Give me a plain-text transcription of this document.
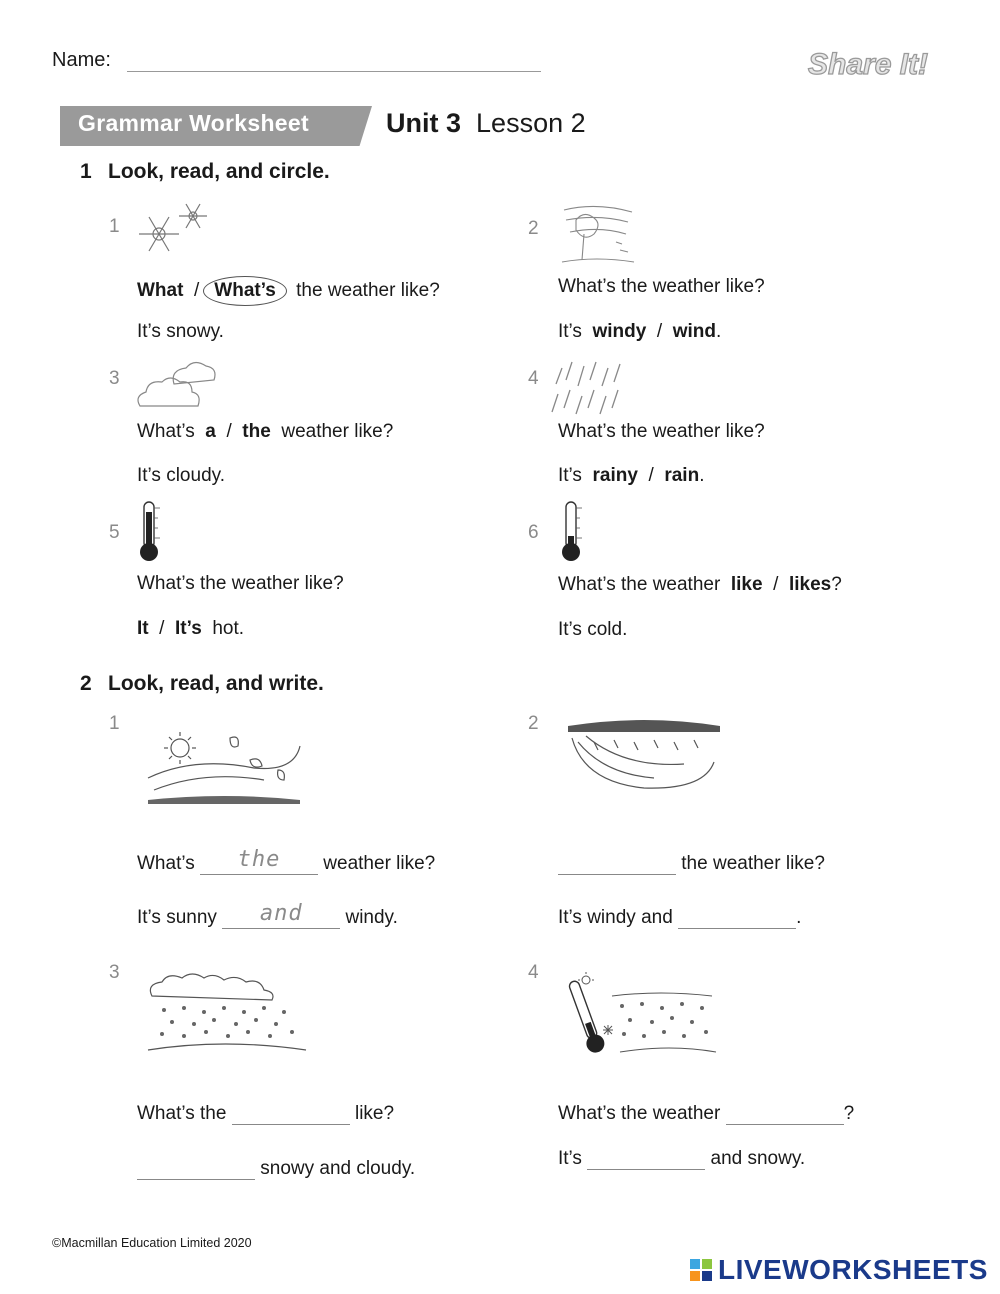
Name:	Share It!
Grammar Worksheet	Unit 3 Lesson 2
1 Look, read, and circle.
1
What / What’s the weather like?
It’s snowy.
2
What’s the weather like?
It’s windy / wind.
3
What’s a / the weather like?
It’s cloudy.
4
What’s the weather like?
It’s rainy / rain.
5
What’s the weather like?
It / It’s hot.
6
What’s the weather like / likes?
It’s cold.
2 Look, read, and write.
1
What’s the weather like?
It’s sunny and windy.
2
the weather like?
It’s windy and	.
3
What’s the	like?
snowy and cloudy.
4
What’s the weather	?
It’s	and snowy.
©Macmillan Education Limited 2020
LIVEWORKSHEETS
